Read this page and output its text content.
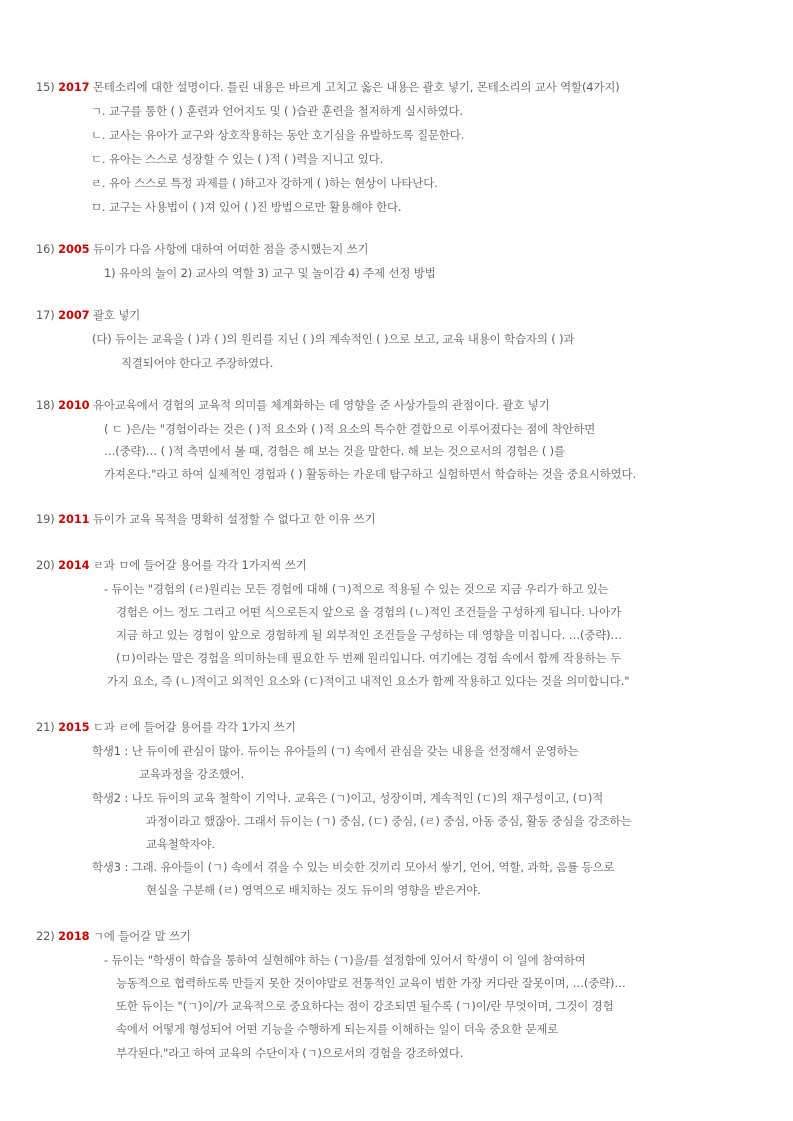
15) 2017 몬테소리에 대한 설명이다. 틀린 내용은 바르게 고치고 옳은 내용은 괄호 넣기, 몬테소리의 교사 역할(4가지)
ㄱ. 교구를 통한 ( ) 훈련과 언어지도 및 ( )습관 훈련을 철저하게 실시하였다.
ㄴ. 교사는 유아가 교구와 상호작용하는 동안 호기심을 유발하도록 질문한다.
ㄷ. 유아는 스스로 성장할 수 있는 ( )적 ( )력을 지니고 있다.
ㄹ. 유아 스스로 특정 과제를 ( )하고자 강하게 ( )하는 현상이 나타난다.
ㅁ. 교구는 사용법이 ( )져 있어 ( )진 방법으로만 활용해야 한다.
16) 2005 듀이가 다음 사항에 대하여 어떠한 점을 중시했는지 쓰기
1) 유아의 놀이 2) 교사의 역할 3) 교구 및 놀이감 4) 주제 선정 방법
17) 2007 괄호 넣기
(다) 듀이는 교육을 ( )과 ( )의 원리를 지닌 ( )의 계속적인 ( )으로 보고, 교육 내용이 학습자의 ( )과
직결되어야 한다고 주장하였다.
18) 2010 유아교육에서 경험의 교육적 의미를 체계화하는 데 영향을 준 사상가들의 관점이다. 괄호 넣기
( ㄷ )은/는 "경험이라는 것은 ( )적 요소와 ( )적 요소의 특수한 결합으로 이루어졌다는 점에 착안하면
…(중략)… ( )적 측면에서 볼 때, 경험은 해 보는 것을 말한다. 해 보는 것으로서의 경험은 ( )를
가져온다."라고 하여 실제적인 경험과 ( ) 활동하는 가운데 탐구하고 실험하면서 학습하는 것을 중요시하였다.
19) 2011 듀이가 교육 목적을 명확히 설정할 수 없다고 한 이유 쓰기
20) 2014 ㄹ과 ㅁ에 들어갈 용어를 각각 1가지씩 쓰기
- 듀이는 "경험의 (ㄹ)원리는 모든 경험에 대해 (ㄱ)적으로 적용될 수 있는 것으로 지금 우리가 하고 있는
경험은 어느 정도 그리고 어떤 식으로든지 앞으로 올 경험의 (ㄴ)적인 조건들을 구성하게 됩니다. 나아가
지금 하고 있는 경험이 앞으로 경험하게 될 외부적인 조건들을 구성하는 데 영향을 미칩니다. …(중략)…
(ㅁ)이라는 말은 경험을 의미하는데 필요한 두 번째 원리입니다. 여기에는 경험 속에서 함께 작용하는 두
가지 요소, 즉 (ㄴ)적이고 외적인 요소와 (ㄷ)적이고 내적인 요소가 함께 작용하고 있다는 것을 의미합니다."
21) 2015 ㄷ과 ㄹ에 들어갈 용어를 각각 1가지 쓰기
학생1 : 난 듀이에 관심이 많아. 듀이는 유아들의 (ㄱ) 속에서 관심을 갖는 내용을 선정해서 운영하는
교육과정을 강조했어.
학생2 : 나도 듀이의 교육 철학이 기억나. 교육은 (ㄱ)이고, 성장이며, 계속적인 (ㄷ)의 재구성이고, (ㅁ)적
과정이라고 했잖아. 그래서 듀이는 (ㄱ) 중심, (ㄷ) 중심, (ㄹ) 중심, 아동 중심, 활동 중심을 강조하는
교육철학자야.
학생3 : 그래. 유아들이 (ㄱ) 속에서 겪을 수 있는 비슷한 것끼리 모아서 쌓기, 언어, 역할, 과학, 음률 등으로
현실을 구분해 (ㄹ) 영역으로 배치하는 것도 듀이의 영향을 받은거야.
22) 2018 ㄱ에 들어갈 말 쓰기
- 듀이는 "학생이 학습을 통하여 실현해야 하는 (ㄱ)을/를 설정함에 있어서 학생이 이 일에 참여하여
능동적으로 협력하도록 만들지 못한 것이야말로 전통적인 교육이 범한 가장 커다란 잘못이며, …(중략)…
또한 듀이는 "(ㄱ)이/가 교육적으로 중요하다는 점이 강조되면 될수록 (ㄱ)이/란 무엇이며, 그것이 경험
속에서 어떻게 형성되어 어떤 기능을 수행하게 되는지를 이해하는 일이 더욱 중요한 문제로
부각된다."라고 하여 교육의 수단이자 (ㄱ)으로서의 경험을 강조하였다.
